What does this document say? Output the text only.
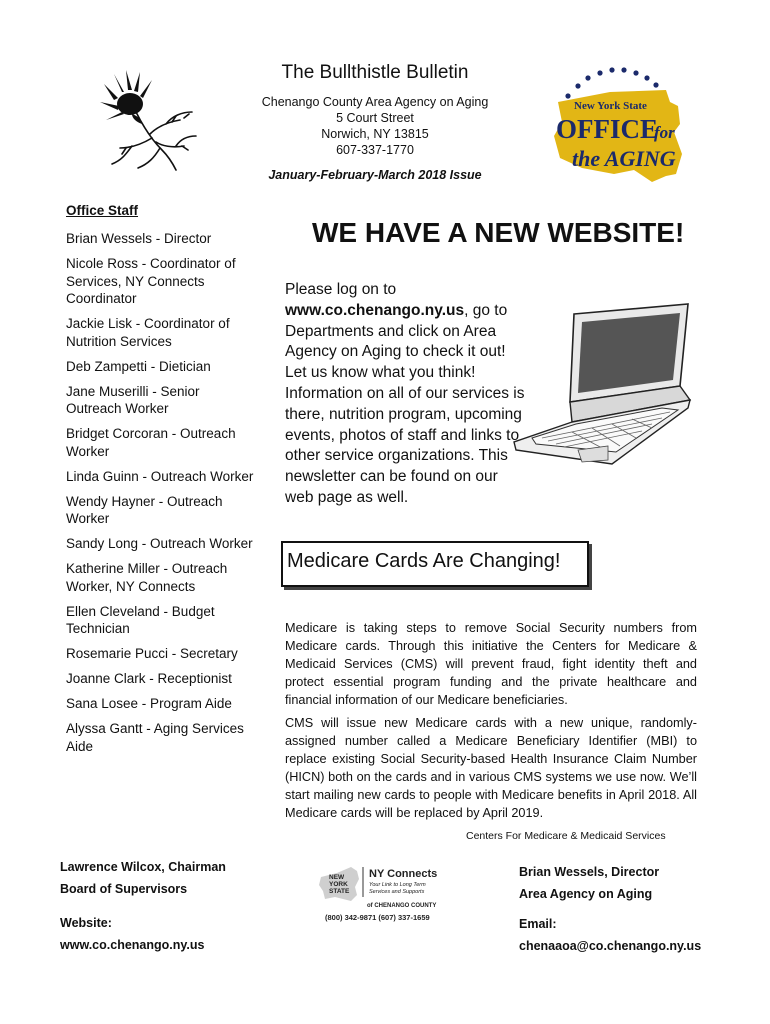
The Bullthistle Bulletin
Chenango County Area Agency on Aging
5 Court Street
Norwich, NY 13815
607-337-1770
January-February-March 2018 Issue
New York State
OFFICE
for
the AGING
Office Staff
Brian Wessels - Director
Nicole Ross - Coordinator of Services, NY Connects Coordinator
Jackie Lisk - Coordinator of Nutrition Services
Deb Zampetti - Dietician
Jane Muserilli - Senior Outreach Worker
Bridget Corcoran - Outreach Worker
Linda Guinn - Outreach Worker
Wendy Hayner - Outreach Worker
Sandy Long - Outreach Worker
Katherine Miller - Outreach Worker, NY Connects
Ellen Cleveland - Budget Technician
Rosemarie Pucci - Secretary
Joanne Clark - Receptionist
Sana Losee - Program Aide
Alyssa Gantt - Aging Services Aide
WE HAVE A NEW WEBSITE!
Please log on to www.co.chenango.ny.us, go to Departments and click on Area Agency on Aging to check it out! Let us know what you think! Information on all of our services is there, nutrition program, upcoming events, photos of staff and links to other service organizations. This newsletter can be found on our web page as well.
Medicare Cards Are Changing!
Medicare is taking steps to remove Social Security numbers from Medicare cards. Through this initiative the Centers for Medicare & Medicaid Services (CMS) will prevent fraud, fight identity theft and protect essential program funding and the private healthcare and financial information of our Medicare beneficiaries.
CMS will issue new Medicare cards with a new unique, randomly-assigned number called a Medicare Beneficiary Identifier (MBI) to replace existing Social Security-based Health Insurance Claim Number (HICN) both on the cards and in various CMS systems we use now. We’ll start mailing new cards to people with Medicare benefits in April 2018. All Medicare cards will be replaced by April 2019.
Centers For Medicare & Medicaid Services
Lawrence Wilcox, Chairman
Board of Supervisors
Website:
www.co.chenango.ny.us
NEW
YORK
STATE
NY Connects
Your Link to Long Term
Services and Supports
of CHENANGO COUNTY
(800) 342-9871 (607) 337-1659
Brian Wessels, Director
Area Agency on Aging
Email:
chenaaoa@co.chenango.ny.us
